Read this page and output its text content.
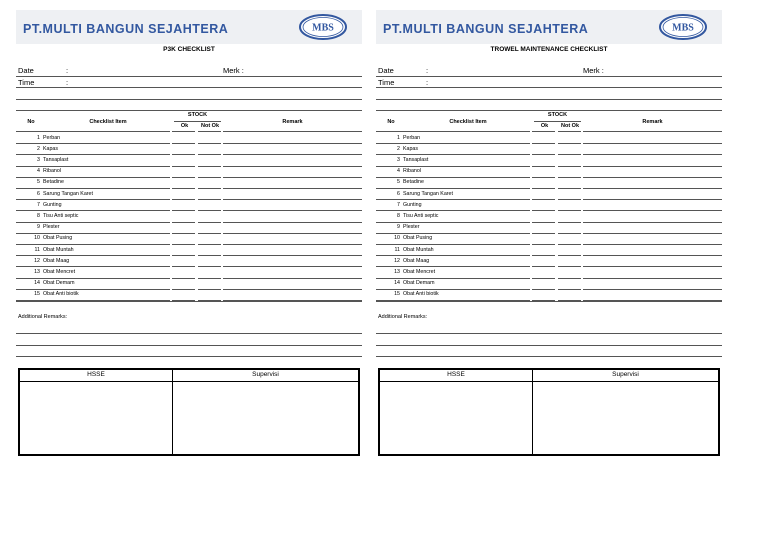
PT.MULTI BANGUN SEJAHTERA	MBS
P3K CHECKLIST
Date	:	Merk :
Time	:
No	Checklist Item
STOCK
Ok	Not Ok
Remark
1 Perban
2 Kapas
3 Tansaplast
4 Ribanol
5 Betadine
6 Sarung Tangan Karet
7 Gunting
8 Tisu Anti septic
9 Plester
10 Obat Pusing
11 Obat Muntah
12 Obat Maag
13 Obat Mencret
14 Obat Demam
15 Obat Anti biotik
Additional Remarks:
HSSE	Supervisi
PT.MULTI BANGUN SEJAHTERA	MBS
TROWEL MAINTENANCE CHECKLIST
Date	:	Merk :
Time	:
No	Checklist Item
STOCK
Ok	Not Ok
Remark
1 Perban
2 Kapas
3 Tansaplast
4 Ribanol
5 Betadine
6 Sarung Tangan Karet
7 Gunting
8 Tisu Anti septic
9 Plester
10 Obat Pusing
11 Obat Muntah
12 Obat Maag
13 Obat Mencret
14 Obat Demam
15 Obat Anti biotik
Additional Remarks:
HSSE	Supervisi
